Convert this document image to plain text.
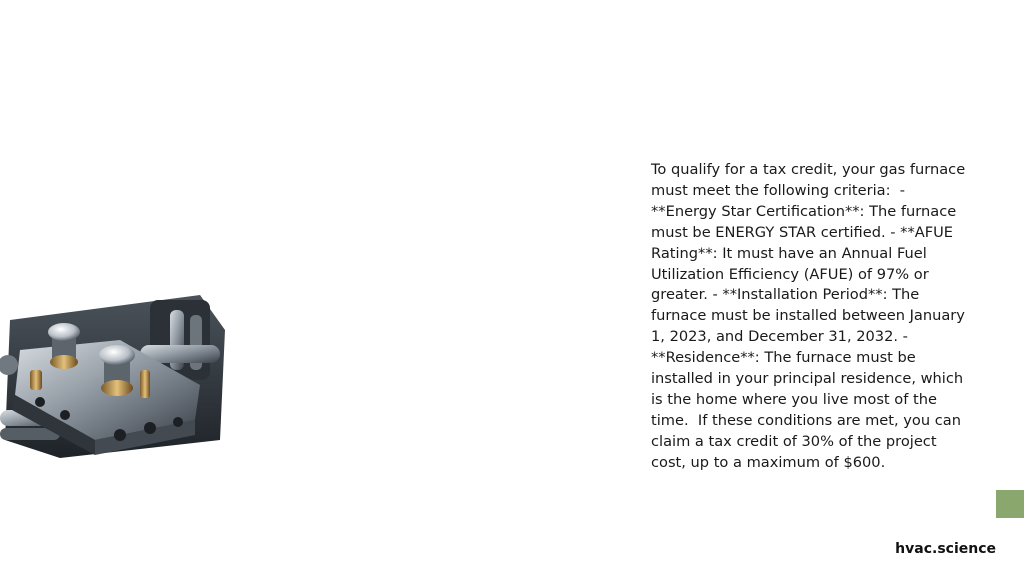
To qualify for a tax credit, your gas furnace must meet the following criteria:  - **Energy Star Certification**: The furnace must be ENERGY STAR certified. - **AFUE Rating**: It must have an Annual Fuel Utilization Efficiency (AFUE) of 97% or greater. - **Installation Period**: The furnace must be installed between January 1, 2023, and December 31, 2032. - **Residence**: The furnace must be installed in your principal residence, which is the home where you live most of the time.  If these conditions are met, you can claim a tax credit of 30% of the project cost, up to a maximum of $600.

hvac.science
